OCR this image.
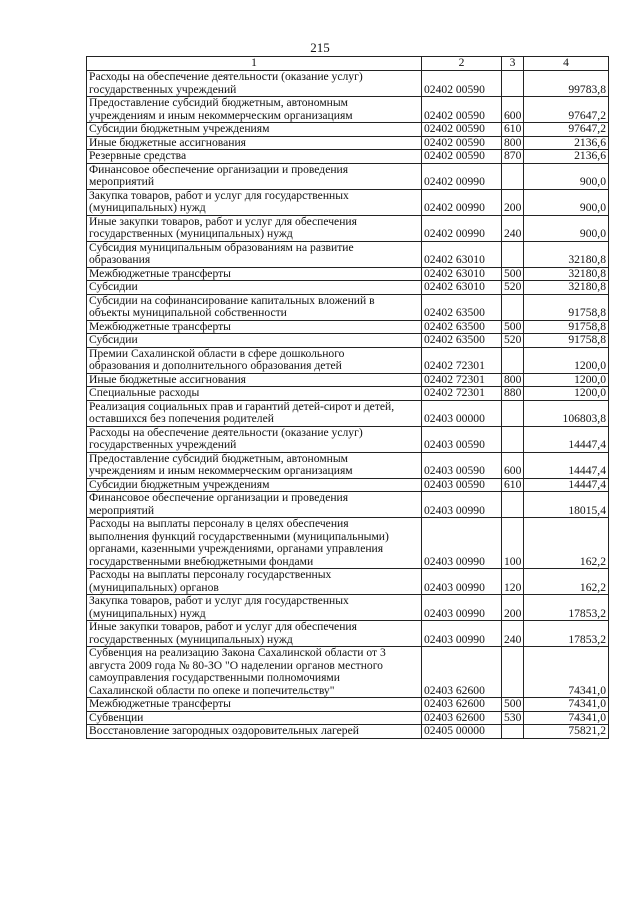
215
1	2	3	4
Расходы на обеспечение деятельности (оказание услуг)
государственных учреждений	02402 00590		99783,8
Предоставление субсидий бюджетным, автономным
учреждениям и иным некоммерческим организациям	02402 00590	600	97647,2
Субсидии бюджетным учреждениям	02402 00590	610	97647,2
Иные бюджетные ассигнования	02402 00590	800	2136,6
Резервные средства	02402 00590	870	2136,6
Финансовое обеспечение организации и проведения
мероприятий	02402 00990		900,0
Закупка товаров, работ и услуг для государственных
(муниципальных) нужд	02402 00990	200	900,0
Иные закупки товаров, работ и услуг для обеспечения
государственных (муниципальных) нужд	02402 00990	240	900,0
Субсидия муниципальным образованиям на развитие
образования	02402 63010		32180,8
Межбюджетные трансферты	02402 63010	500	32180,8
Субсидии	02402 63010	520	32180,8
Субсидии на софинансирование капитальных вложений в
объекты муниципальной собственности	02402 63500		91758,8
Межбюджетные трансферты	02402 63500	500	91758,8
Субсидии	02402 63500	520	91758,8
Премии Сахалинской области в сфере дошкольного
образования и дополнительного образования детей	02402 72301		1200,0
Иные бюджетные ассигнования	02402 72301	800	1200,0
Специальные расходы	02402 72301	880	1200,0
Реализация социальных прав и гарантий детей-сирот и детей,
оставшихся без попечения родителей	02403 00000		106803,8
Расходы на обеспечение деятельности (оказание услуг)
государственных учреждений	02403 00590		14447,4
Предоставление субсидий бюджетным, автономным
учреждениям и иным некоммерческим организациям	02403 00590	600	14447,4
Субсидии бюджетным учреждениям	02403 00590	610	14447,4
Финансовое обеспечение организации и проведения
мероприятий	02403 00990		18015,4
Расходы на выплаты персоналу в целях обеспечения
выполнения функций государственными (муниципальными)
органами, казенными учреждениями, органами управления
государственными внебюджетными фондами	02403 00990	100	162,2
Расходы на выплаты персоналу государственных
(муниципальных) органов	02403 00990	120	162,2
Закупка товаров, работ и услуг для государственных
(муниципальных) нужд	02403 00990	200	17853,2
Иные закупки товаров, работ и услуг для обеспечения
государственных (муниципальных) нужд	02403 00990	240	17853,2
Субвенция на реализацию Закона Сахалинской области от 3
августа 2009 года № 80-ЗО "О наделении органов местного
самоуправления государственными полномочиями
Сахалинской области по опеке и попечительству"	02403 62600		74341,0
Межбюджетные трансферты	02403 62600	500	74341,0
Субвенции	02403 62600	530	74341,0
Восстановление загородных оздоровительных лагерей	02405 00000		75821,2
